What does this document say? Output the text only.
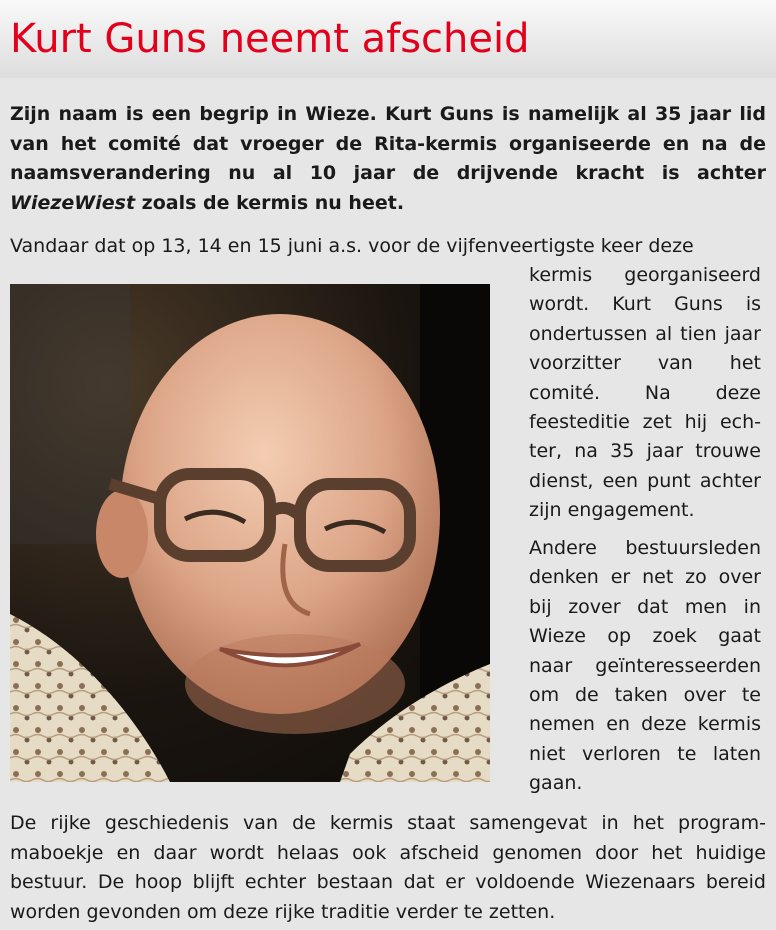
Kurt Guns neemt afscheid

Zijn naam is een begrip in Wieze. Kurt Guns is namelijk al 35 jaar lid van het comité dat vroeger de Rita-kermis organiseerde en na de naamsverandering nu al 10 jaar de drijvende kracht is achter WiezeWiest zoals de kermis nu heet.

Vandaar dat op 13, 14 en 15 juni a.s. voor de vijfenveertigste keer deze

kermis georganiseerd wordt. Kurt Guns is ondertussen al tien jaar voorzitter van het comité. Na deze feesteditie zet hij echter, na 35 jaar trouwe dienst, een punt achter zijn engagement.

Andere bestuursleden denken er net zo over bij zover dat men in Wieze op zoek gaat naar geïnteresseerden om de taken over te nemen en deze kermis niet verloren te laten gaan.

De rijke geschiedenis van de kermis staat samengevat in het programmaboekje en daar wordt helaas ook afscheid genomen door het huidige bestuur. De hoop blijft echter bestaan dat er voldoende Wiezenaars bereid worden gevonden om deze rijke traditie verder te zetten.
